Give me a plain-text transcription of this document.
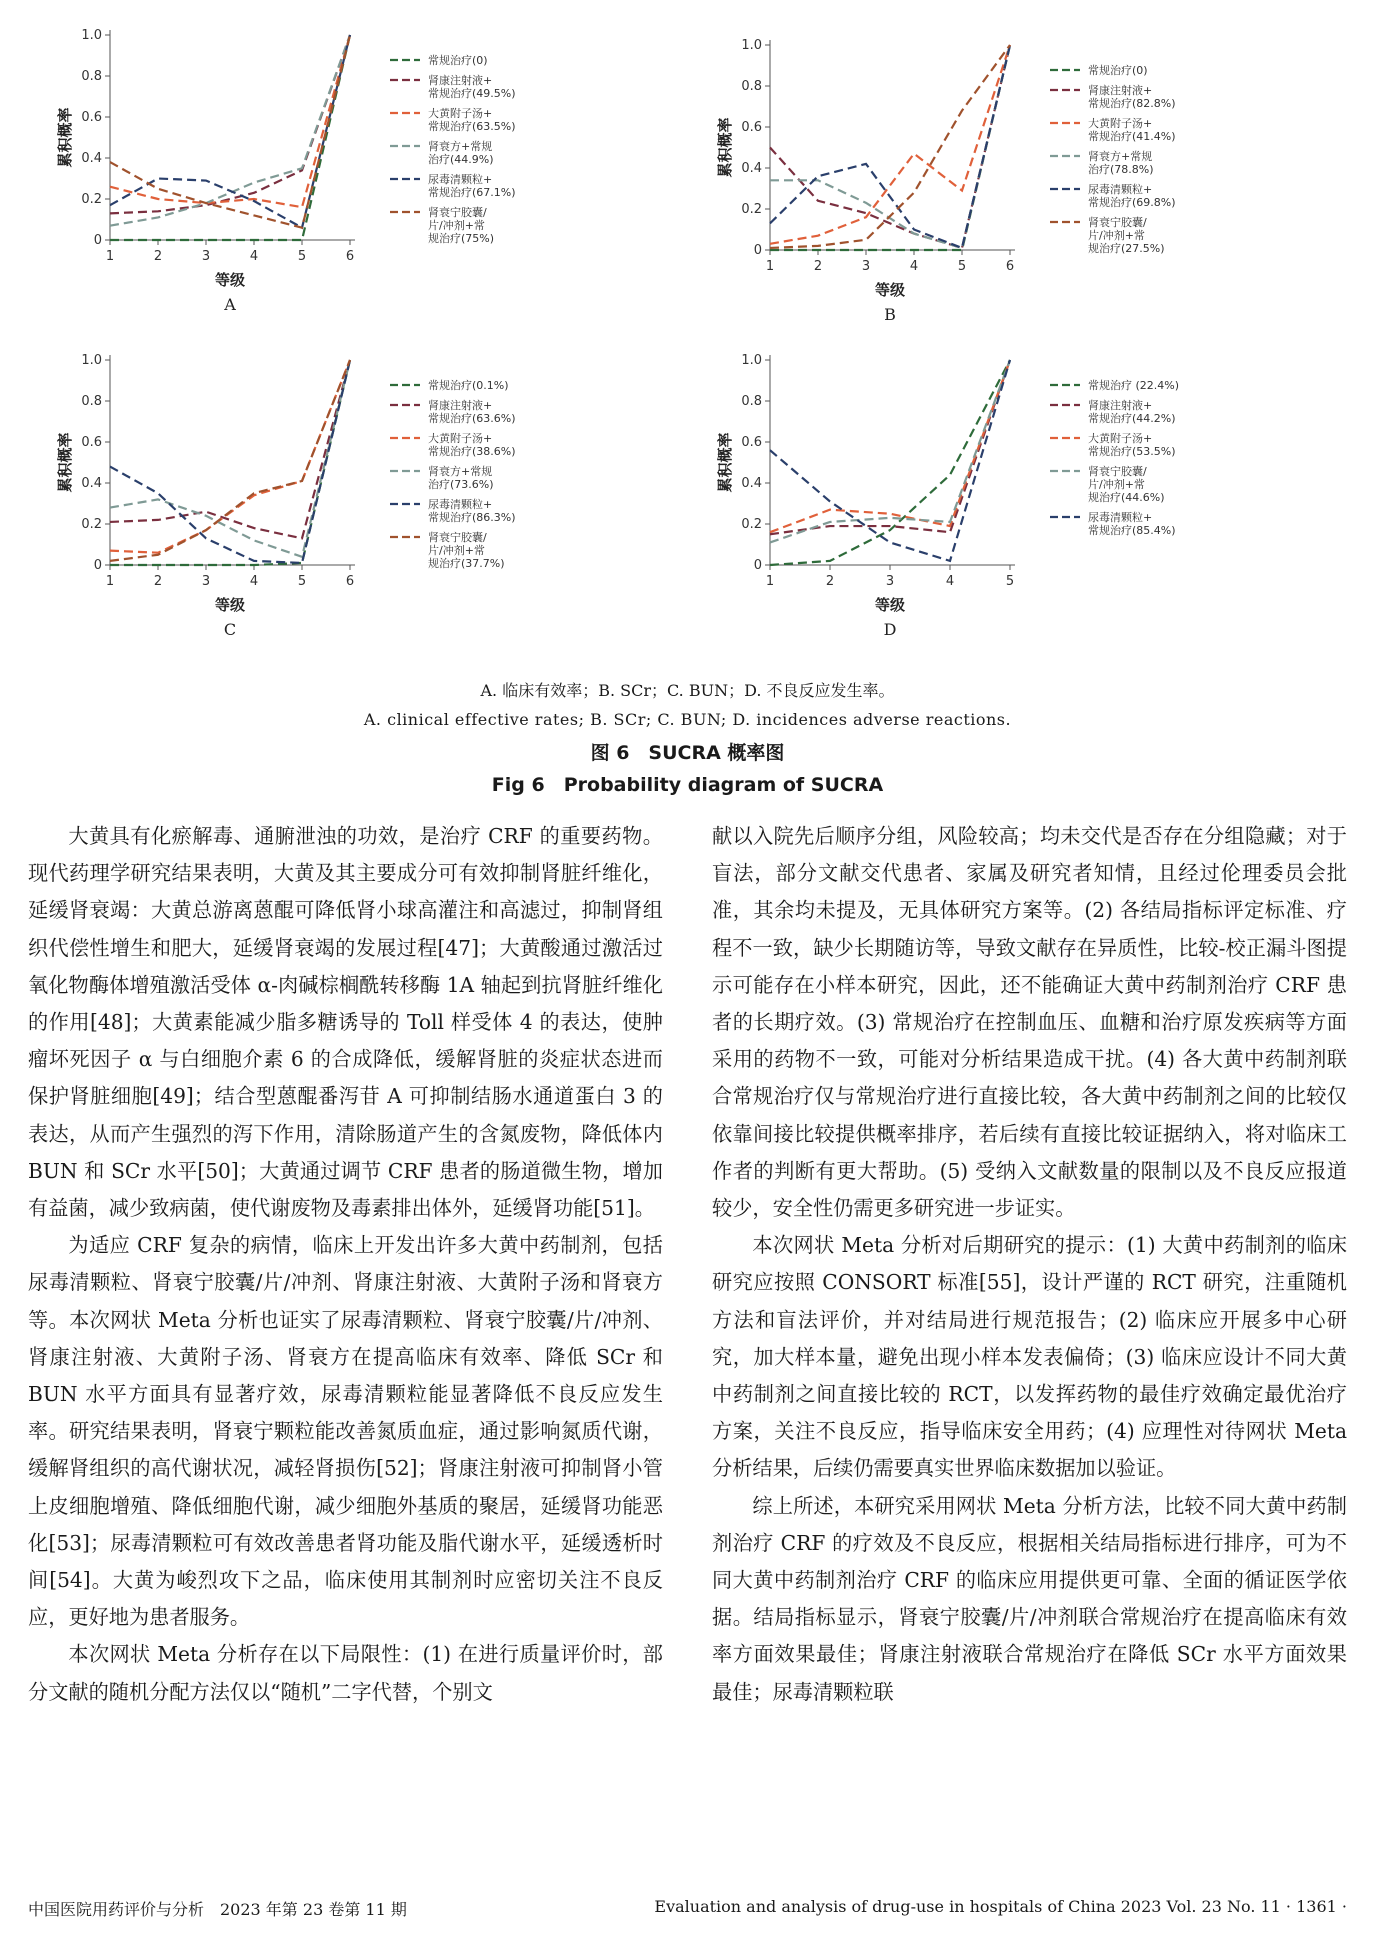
0
0.2
0.4
0.6
0.8
1.0
1	2	3	4	5	6
累积概率
等级
A
常规治疗(0)
肾康注射液+
常规治疗(49.5%)
大黄附子汤+
常规治疗(63.5%)
肾衰方+常规
治疗(44.9%)
尿毒清颗粒+
常规治疗(67.1%)
肾衰宁胶囊/
片/冲剂+常
规治疗(75%)
0
0.2
0.4
0.6
0.8
1.0
1	2	3	4	5	6
累积概率
等级
B
常规治疗(0)
肾康注射液+
常规治疗(82.8%)
大黄附子汤+
常规治疗(41.4%)
肾衰方+常规
治疗(78.8%)
尿毒清颗粒+
常规治疗(69.8%)
肾衰宁胶囊/
片/冲剂+常
规治疗(27.5%)
0
0.2
0.4
0.6
0.8
1.0
1	2	3	4	5	6
累积概率
等级
C
常规治疗(0.1%)
肾康注射液+
常规治疗(63.6%)
大黄附子汤+
常规治疗(38.6%)
肾衰方+常规
治疗(73.6%)
尿毒清颗粒+
常规治疗(86.3%)
肾衰宁胶囊/
片/冲剂+常
规治疗(37.7%)	0
0.2
0.4
0.6
0.8
1.0
1	2	3	4	5
累积概率
等级
D
常规治疗 (22.4%)
肾康注射液+
常规治疗(44.2%)
大黄附子汤+
常规治疗(53.5%)
肾衰宁胶囊/
片/冲剂+常
规治疗(44.6%)
尿毒清颗粒+
常规治疗(85.4%)
A. 临床有效率；B. SCr；C. BUN；D. 不良反应发生率。
A. clinical effective rates; B. SCr; C. BUN; D. incidences adverse reactions.
图 6　SUCRA 概率图
Fig 6　Probability diagram of SUCRA

大黄具有化瘀解毒、通腑泄浊的功效，是治疗 CRF 的重要药物。现代药理学研究结果表明，大黄及其主要成分可有效抑制肾脏纤维化，延缓肾衰竭：大黄总游离蒽醌可降低肾小球高灌注和高滤过，抑制肾组织代偿性增生和肥大，延缓肾衰竭的发展过程[47]；大黄酸通过激活过氧化物酶体增殖激活受体 α-肉碱棕榈酰转移酶 1A 轴起到抗肾脏纤维化的作用[48]；大黄素能减少脂多糖诱导的 Toll 样受体 4 的表达，使肿瘤坏死因子 α 与白细胞介素 6 的合成降低，缓解肾脏的炎症状态进而保护肾脏细胞[49]；结合型蒽醌番泻苷 A 可抑制结肠水通道蛋白 3 的表达，从而产生强烈的泻下作用，清除肠道产生的含氮废物，降低体内 BUN 和 SCr 水平[50]；大黄通过调节 CRF 患者的肠道微生物，增加有益菌，减少致病菌，使代谢废物及毒素排出体外，延缓肾功能[51]。

为适应 CRF 复杂的病情，临床上开发出许多大黄中药制剂，包括尿毒清颗粒、肾衰宁胶囊/片/冲剂、肾康注射液、大黄附子汤和肾衰方等。本次网状 Meta 分析也证实了尿毒清颗粒、肾衰宁胶囊/片/冲剂、肾康注射液、大黄附子汤、肾衰方在提高临床有效率、降低 SCr 和 BUN 水平方面具有显著疗效，尿毒清颗粒能显著降低不良反应发生率。研究结果表明，肾衰宁颗粒能改善氮质血症，通过影响氮质代谢，缓解肾组织的高代谢状况，减轻肾损伤[52]；肾康注射液可抑制肾小管上皮细胞增殖、降低细胞代谢，减少细胞外基质的聚居，延缓肾功能恶化[53]；尿毒清颗粒可有效改善患者肾功能及脂代谢水平，延缓透析时间[54]。大黄为峻烈攻下之品，临床使用其制剂时应密切关注不良反应，更好地为患者服务。

本次网状 Meta 分析存在以下局限性：(1) 在进行质量评价时，部分文献的随机分配方法仅以“随机”二字代替，个别文

献以入院先后顺序分组，风险较高；均未交代是否存在分组隐藏；对于盲法，部分文献交代患者、家属及研究者知情，且经过伦理委员会批准，其余均未提及，无具体研究方案等。(2) 各结局指标评定标准、疗程不一致，缺少长期随访等，导致文献存在异质性，比较-校正漏斗图提示可能存在小样本研究，因此，还不能确证大黄中药制剂治疗 CRF 患者的长期疗效。(3) 常规治疗在控制血压、血糖和治疗原发疾病等方面采用的药物不一致，可能对分析结果造成干扰。(4) 各大黄中药制剂联合常规治疗仅与常规治疗进行直接比较，各大黄中药制剂之间的比较仅依靠间接比较提供概率排序，若后续有直接比较证据纳入，将对临床工作者的判断有更大帮助。(5) 受纳入文献数量的限制以及不良反应报道较少，安全性仍需更多研究进一步证实。

本次网状 Meta 分析对后期研究的提示：(1) 大黄中药制剂的临床研究应按照 CONSORT 标准[55]，设计严谨的 RCT 研究，注重随机方法和盲法评价，并对结局进行规范报告；(2) 临床应开展多中心研究，加大样本量，避免出现小样本发表偏倚；(3) 临床应设计不同大黄中药制剂之间直接比较的 RCT，以发挥药物的最佳疗效确定最优治疗方案，关注不良反应，指导临床安全用药；(4) 应理性对待网状 Meta 分析结果，后续仍需要真实世界临床数据加以验证。

综上所述，本研究采用网状 Meta 分析方法，比较不同大黄中药制剂治疗 CRF 的疗效及不良反应，根据相关结局指标进行排序，可为不同大黄中药制剂治疗 CRF 的临床应用提供更可靠、全面的循证医学依据。结局指标显示，肾衰宁胶囊/片/冲剂联合常规治疗在提高临床有效率方面效果最佳；肾康注射液联合常规治疗在降低 SCr 水平方面效果最佳；尿毒清颗粒联

中国医院用药评价与分析　2023 年第 23 卷第 11 期	Evaluation and analysis of drug-use in hospitals of China 2023 Vol. 23 No. 11 · 1361 ·
